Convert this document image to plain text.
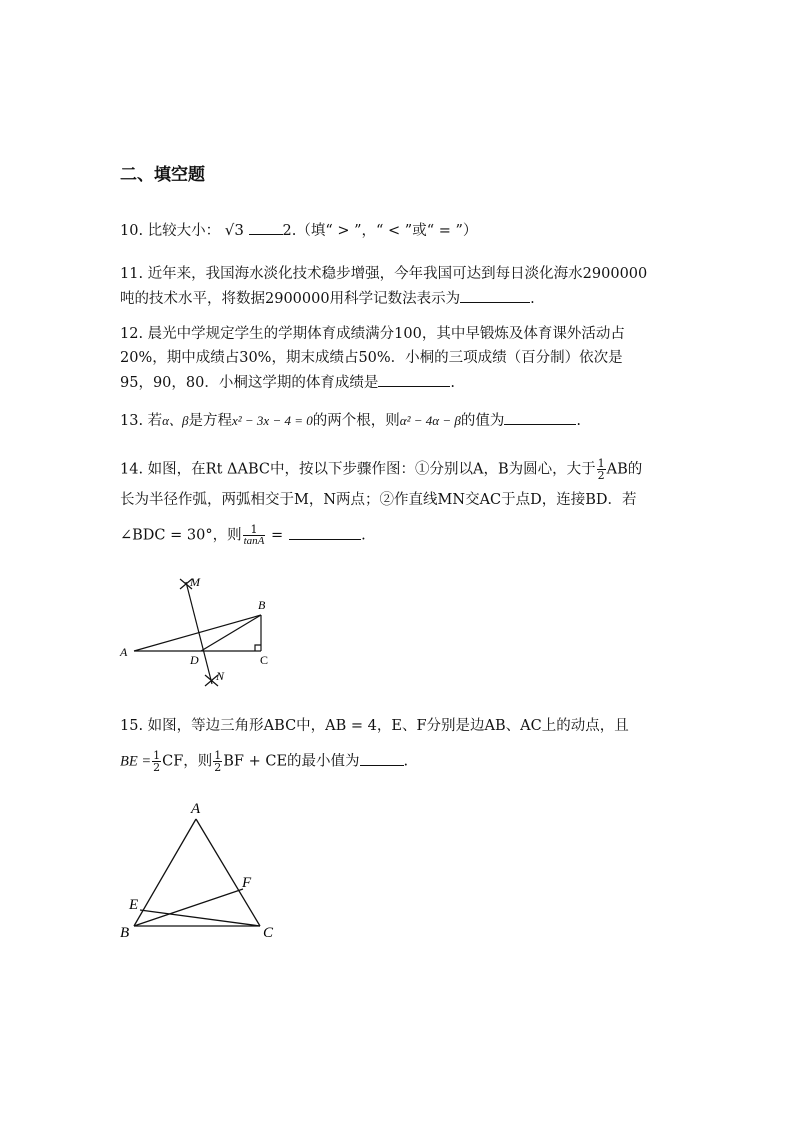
二、填空题
10. 比较大小： √3	2.（填“ > ”，“ < ”或“ = ”）
11. 近年来，我国海水淡化技术稳步增强，今年我国可达到每日淡化海水2900000
吨的技术水平，将数据2900000用科学记数法表示为	.
12. 晨光中学规定学生的学期体育成绩满分100，其中早锻炼及体育课外活动占
20%，期中成绩占30%，期末成绩占50%．小桐的三项成绩（百分制）依次是
95，90，80．小桐这学期的体育成绩是	.
13. 若α、β是方程x² − 3x − 4 = 0的两个根，则α² − 4α − β的值为	.
14. 如图，在Rt ΔABC中，按以下步骤作图：①分别以A，B为圆心，大于 $\frac{1}{2}$ AB的
长为半径作弧，两弧相交于M，N两点；②作直线MN交AC于点D，连接BD．若
∠BDC = 30°，则 $\frac{1}{\tan A}$ =	.
M
B
A
D	C
N
15. 如图，等边三角形ABC中，AB = 4，E、F分别是边AB、AC上的动点，且
BE = $\frac{1}{2}$ CF，则 $\frac{1}{2}$ BF + CE的最小值为	.
A
F
E
B	C
